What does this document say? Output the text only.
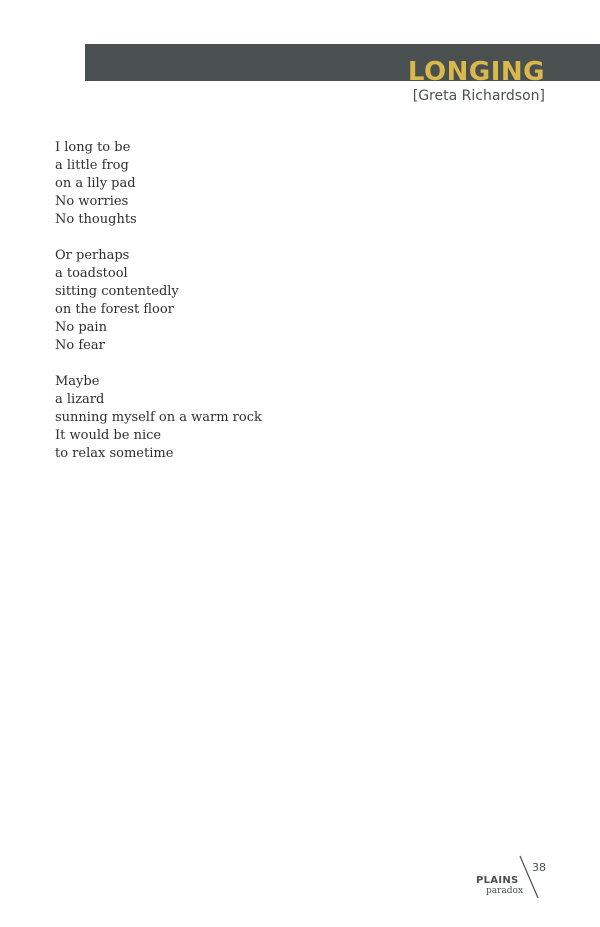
LONGING

[Greta Richardson]

I long to be
a little frog
on a lily pad
No worries
No thoughts

Or perhaps
a toadstool
sitting contentedly
on the forest floor
No pain
No fear

Maybe
a lizard
sunning myself on a warm rock
It would be nice
to relax sometime

PLAINS
paradox
38
